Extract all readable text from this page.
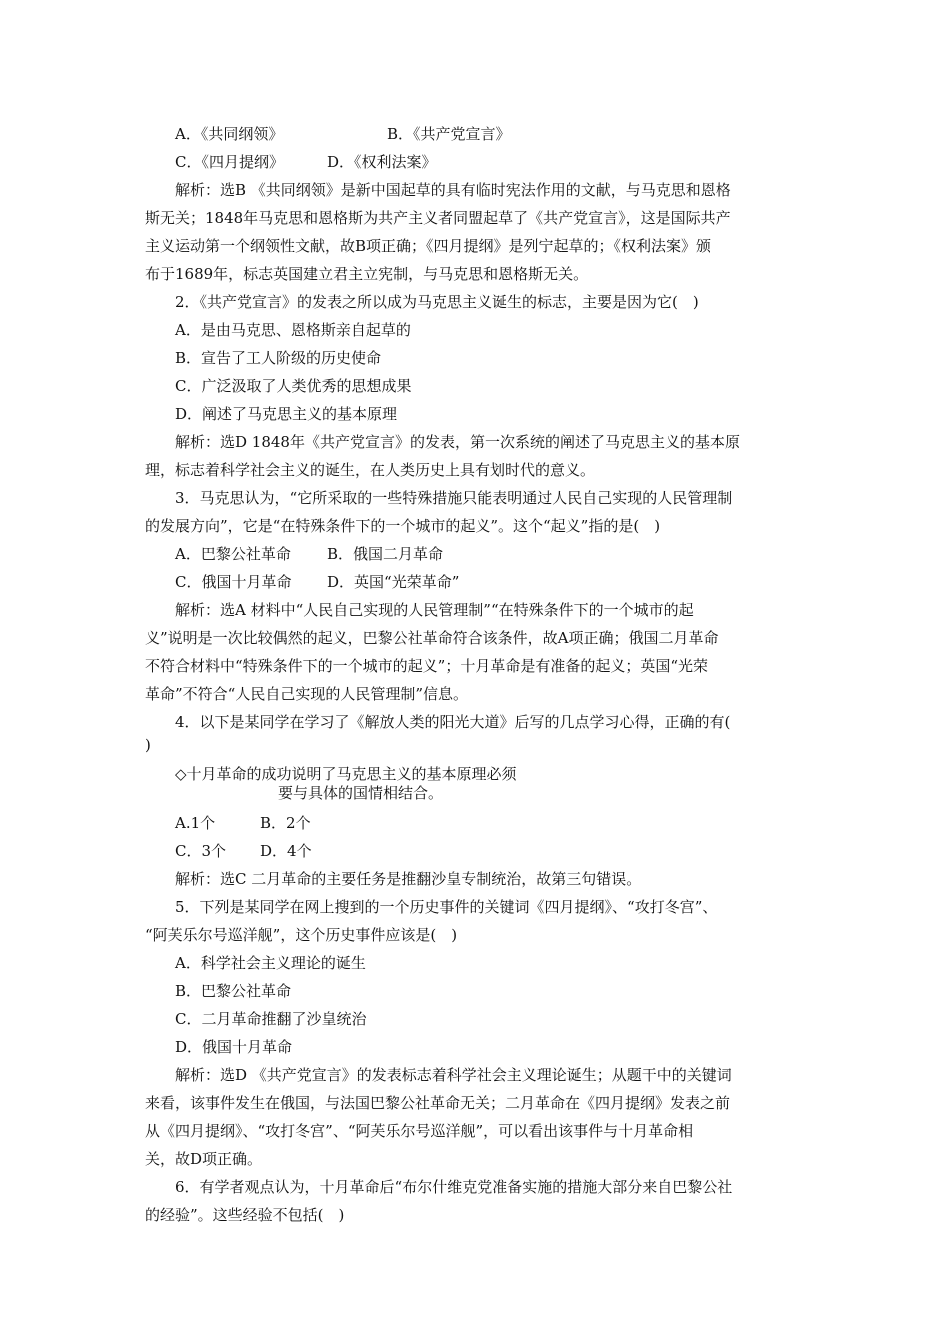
A．《共同纲领》	B．《共产党宣言》
C．《四月提纲》	D．《权利法案》
解析：选B 《共同纲领》是新中国起草的具有临时宪法作用的文献，与马克思和恩格
斯无关；1848年马克思和恩格斯为共产主义者同盟起草了《共产党宣言》，这是国际共产
主义运动第一个纲领性文献，故B项正确；《四月提纲》是列宁起草的；《权利法案》颁
布于1689年，标志英国建立君主立宪制，与马克思和恩格斯无关。
2．《共产党宣言》的发表之所以成为马克思主义诞生的标志，主要是因为它(　)
A．是由马克思、恩格斯亲自起草的
B．宣告了工人阶级的历史使命
C．广泛汲取了人类优秀的思想成果
D．阐述了马克思主义的基本原理
解析：选D 1848年《共产党宣言》的发表，第一次系统的阐述了马克思主义的基本原
理，标志着科学社会主义的诞生，在人类历史上具有划时代的意义。
3．马克思认为，“它所采取的一些特殊措施只能表明通过人民自己实现的人民管理制
的发展方向”，它是“在特殊条件下的一个城市的起义”。这个“起义”指的是(　)
A．巴黎公社革命 B．俄国二月革命
C．俄国十月革命 D．英国“光荣革命”
解析：选A 材料中“人民自己实现的人民管理制”“在特殊条件下的一个城市的起
义”说明是一次比较偶然的起义，巴黎公社革命符合该条件，故A项正确；俄国二月革命
不符合材料中“特殊条件下的一个城市的起义”；十月革命是有准备的起义；英国“光荣
革命”不符合“人民自己实现的人民管理制”信息。
4．以下是某同学在学习了《解放人类的阳光大道》后写的几点学习心得，正确的有(
)
◇十月革命的成功说明了马克思主义的基本原理必须
要与具体的国情相结合。
A.1个	B．2个
C．3个 D．4个
解析：选C 二月革命的主要任务是推翻沙皇专制统治，故第三句错误。
5．下列是某同学在网上搜到的一个历史事件的关键词《四月提纲》、“攻打冬宫”、
“阿芙乐尔号巡洋舰”，这个历史事件应该是(　)
A．科学社会主义理论的诞生
B．巴黎公社革命
C．二月革命推翻了沙皇统治
D．俄国十月革命
解析：选D 《共产党宣言》的发表标志着科学社会主义理论诞生；从题干中的关键词
来看，该事件发生在俄国，与法国巴黎公社革命无关；二月革命在《四月提纲》发表之前
从《四月提纲》、“攻打冬宫”、“阿芙乐尔号巡洋舰”，可以看出该事件与十月革命相
关，故D项正确。
6．有学者观点认为，十月革命后“布尔什维克党准备实施的措施大部分来自巴黎公社
的经验”。这些经验不包括(　)
